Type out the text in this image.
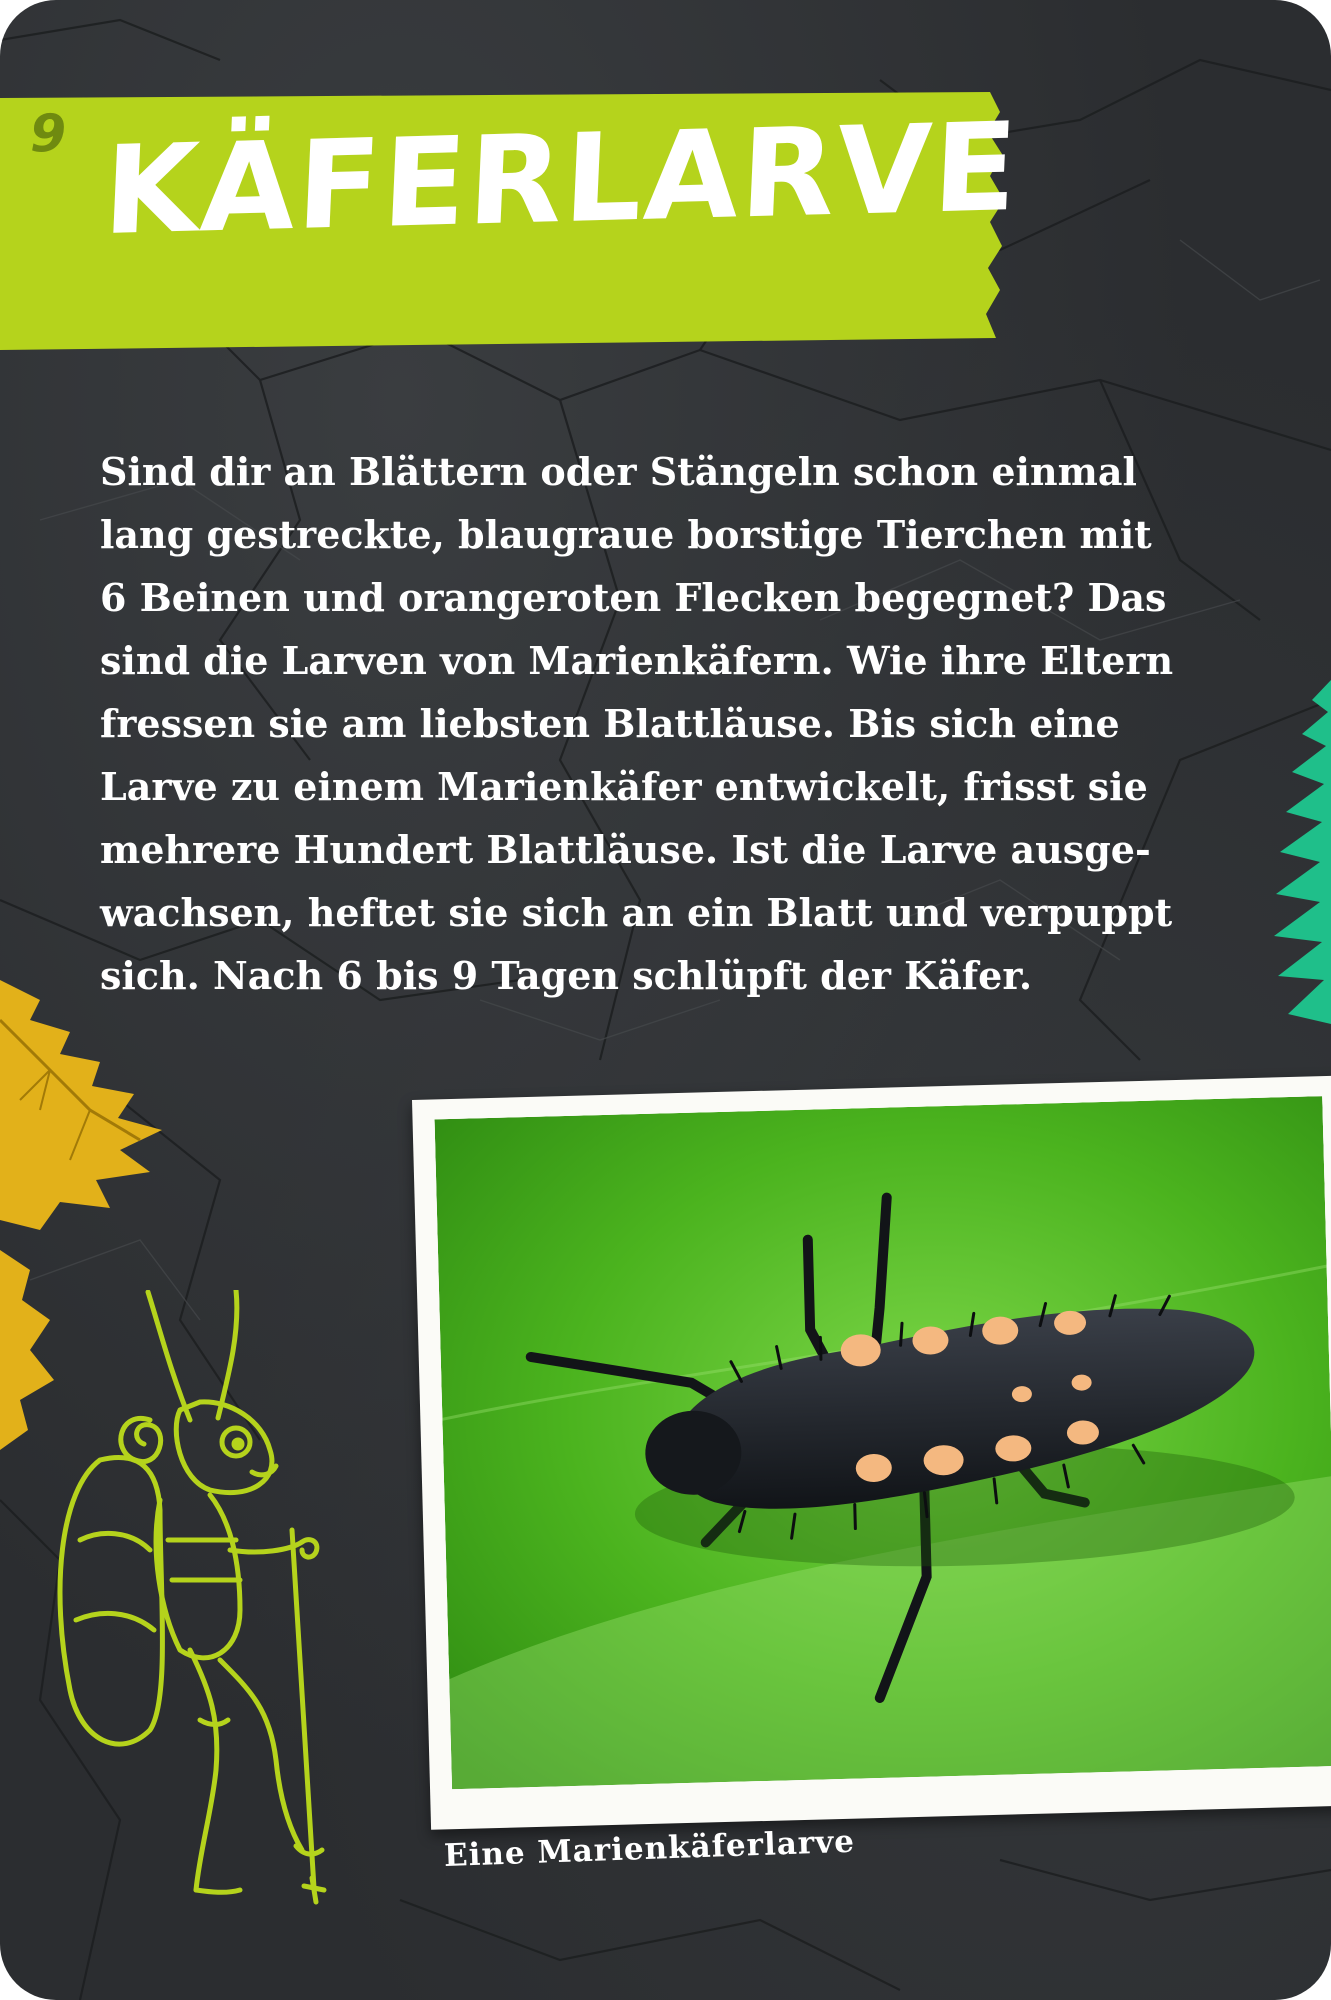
9 KÄFERLARVE
Sind dir an Blättern oder Stängeln schon einmal
lang gestreckte, blaugraue borstige Tierchen mit
6 Beinen und orangeroten Flecken begegnet? Das
sind die Larven von Marienkäfern. Wie ihre Eltern
fressen sie am liebsten Blattläuse. Bis sich eine
Larve zu einem Marienkäfer entwickelt, frisst sie
mehrere Hundert Blattläuse. Ist die Larve ausge-
wachsen, heftet sie sich an ein Blatt und verpuppt
sich. Nach 6 bis 9 Tagen schlüpft der Käfer.
Eine Marienkäferlarve
